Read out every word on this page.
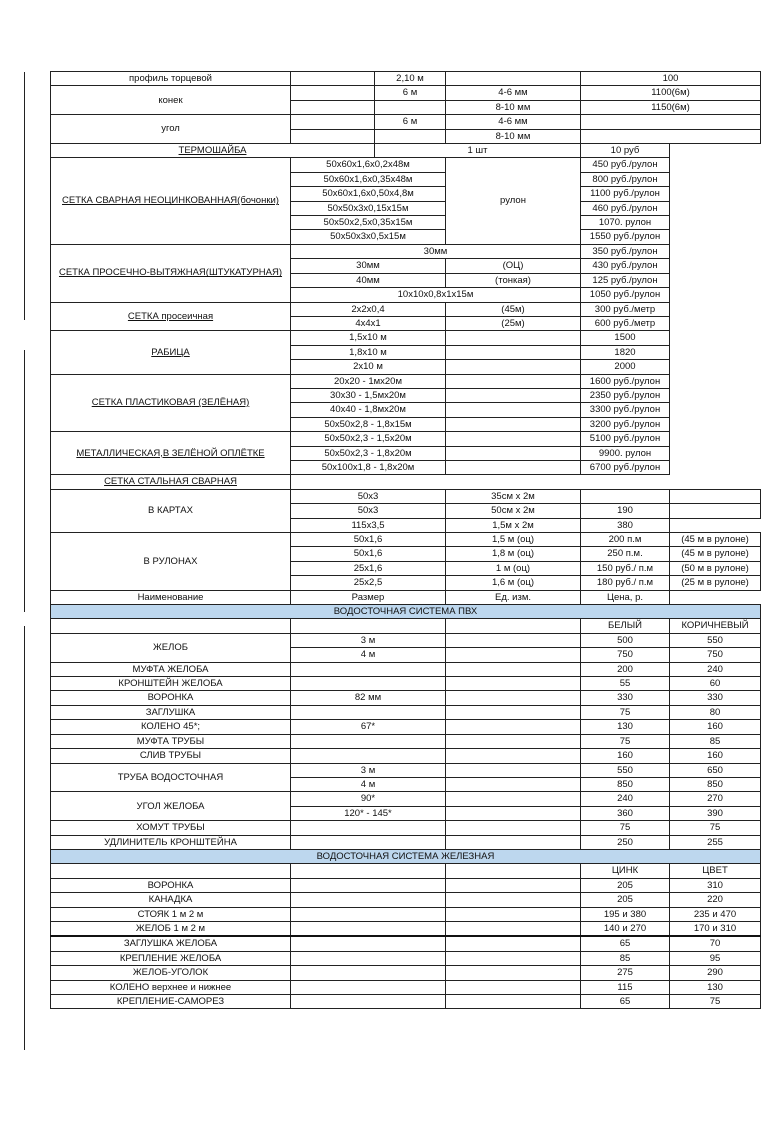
профиль торцевой		2,10 м		100		
конек		6 м	4-6 мм	1100(6м)		
			8-10 мм	1150(6м)		
угол		6 м	4-6 мм			
			8-10 мм			
ТЕРМОШАЙБА		1 шт		10 руб		
СЕТКА СВАРНАЯ НЕОЦИНКОВАННАЯ(бочонки)	50х60х1,6х0,2х48м		рулон	450 руб./рулон		
	50х60х1,6х0,35х48м			800 руб./рулон		
	50х60х1,6х0,50х4,8м			1100 руб./рулон		
	50х50х3х0,15х15м			460 руб./рулон		
	50х50х2,5х0,35х15м			1070. рулон		
	50х50х3х0,5х15м			1550 руб./рулон		
СЕТКА ПРОСЕЧНО-ВЫТЯЖНАЯ(ШТУКАТУРНАЯ)	30мм			350 руб./рулон		
	30мм		(ОЦ)	430 руб./рулон		
	40мм		(тонкая)	125 руб./рулон		
	10х10х0,8х1х15м			1050 руб./рулон		
СЕТКА просеичная	2х2х0,4		(45м)	300 руб./метр		
	4х4х1		(25м)	600 руб./метр		
РАБИЦА	1,5х10 м			1500		
	1,8х10 м			1820		
	2х10 м			2000		
СЕТКА ПЛАСТИКОВАЯ (ЗЕЛЁНАЯ)	20х20 - 1мх20м			1600 руб./рулон		
	30х30 - 1,5мх20м			2350 руб./рулон		
	40х40 - 1,8мх20м			3300 руб./рулон		
	50х50х2,8 - 1,8х15м			3200 руб./рулон		
МЕТАЛЛИЧЕСКАЯ,В ЗЕЛЁНОЙ ОПЛЁТКЕ	50х50х2,3 - 1,5х20м			5100 руб./рулон		
	50х50х2,3 - 1,8х20м			9900. рулон		
	50х100х1,8 - 1,8х20м			6700 руб./рулон		
СЕТКА СТАЛЬНАЯ СВАРНАЯ						
В КАРТАХ	50х3		35см х 2м			
	50х3		50см х 2м	190		
	115х3,5		1,5м х 2м	380		
В РУЛОНАХ	50х1,6		1,5 м (оц)	200 п.м	(45 м в рулоне)	
	50х1,6		1,8 м (оц)	250 п.м.	(45 м в рулоне)	
	25х1,6		1 м (оц)	150 руб./ п.м	(50 м в рулоне)	
	25х2,5		1,6 м (оц)	180 руб./ п.м	(25 м в рулоне)	
Наименование	Размер		Ед. изм.	Цена, р.		
ВОДОСТОЧНАЯ СИСТЕМА ПВХ						
				БЕЛЫЙ	КОРИЧНЕВЫЙ	
ЖЕЛОБ	3 м			500	550	
	4 м			750	750	
МУФТА ЖЕЛОБА				200	240	
КРОНШТЕЙН ЖЕЛОБА				55	60	
ВОРОНКА	82 мм			330	330	
ЗАГЛУШКА				75	80	
КОЛЕНО 45*;	67*			130	160	
МУФТА ТРУБЫ				75	85	
СЛИВ ТРУБЫ				160	160	
ТРУБА ВОДОСТОЧНАЯ	3 м			550	650	
	4 м			850	850	
УГОЛ ЖЕЛОБА	90*			240	270	
	120* - 145*			360	390	
ХОМУТ ТРУБЫ				75	75	
УДЛИНИТЕЛЬ КРОНШТЕЙНА				250	255	
ВОДОСТОЧНАЯ СИСТЕМА ЖЕЛЕЗНАЯ						
				ЦИНК	ЦВЕТ	
ВОРОНКА				205	310	
КАНАДКА				205	220	
СТОЯК 1 м 2 м				195 и 380	235 и 470	
ЖЕЛОБ 1 м 2 м				140 и 270	170 и 310	
ЗАГЛУШКА ЖЕЛОБА				65	70	
КРЕПЛЕНИЕ ЖЕЛОБА				85	95	
ЖЕЛОБ-УГОЛОК				275	290	
КОЛЕНО верхнее и нижнее				115	130	
КРЕПЛЕНИЕ-САМОРЕЗ				65	75	
